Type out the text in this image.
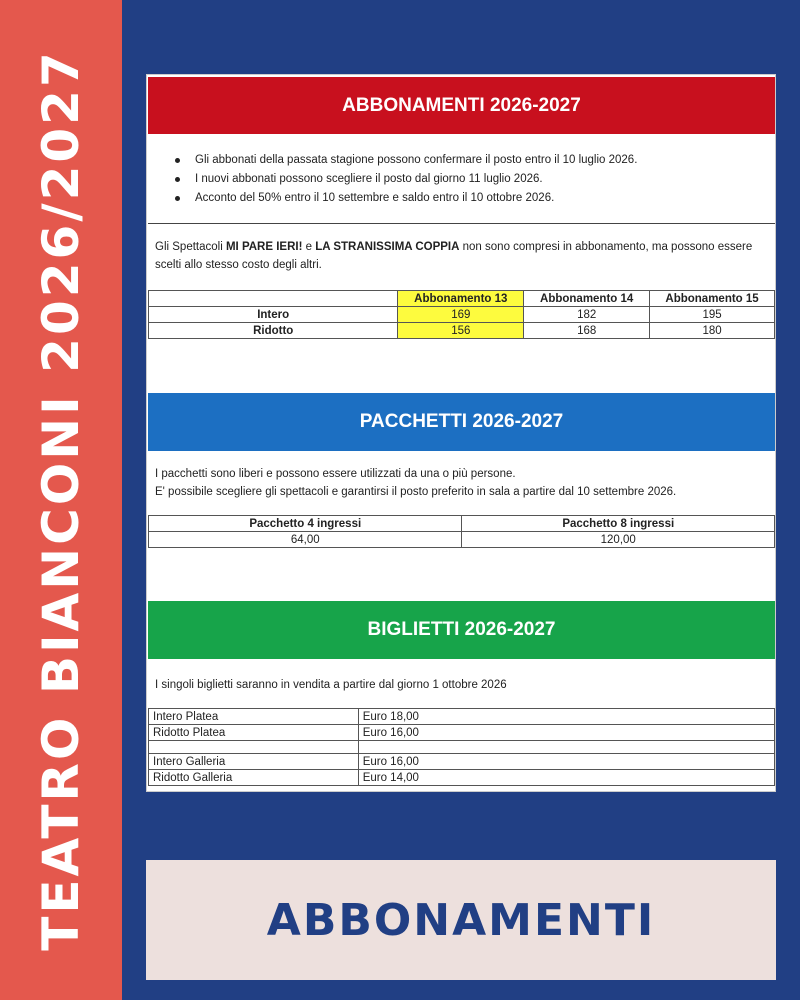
TEATRO BIANCONI 2026/2027	ABBONAMENTI 2026-2027
Gli abbonati della passata stagione possono confermare il posto entro il 10 luglio 2026.
I nuovi abbonati possono scegliere il posto dal giorno 11 luglio 2026.
Acconto del 50% entro il 10 settembre e saldo entro il 10 ottobre 2026.

Gli Spettacoli MI PARE IERI! e LA STRANISSIMA COPPIA non sono compresi in abbonamento, ma possono essere scelti allo stesso costo degli altri.

	Abbonamento 13	Abbonamento 14	Abbonamento 15
Intero	169	182	195
Ridotto	156	168	180
PACCHETTI 2026-2027

I pacchetti sono liberi e possono essere utilizzati da una o più persone.

E' possibile scegliere gli spettacoli e garantirsi il posto preferito in sala a partire dal 10 settembre 2026.

Pacchetto 4 ingressi	Pacchetto 8 ingressi
64,00	120,00
BIGLIETTI 2026-2027

I singoli biglietti saranno in vendita a partire dal giorno 1 ottobre 2026

Intero Platea	Euro 18,00
Ridotto Platea	Euro 16,00

Intero Galleria	Euro 16,00
Ridotto Galleria	Euro 14,00
ABBONAMENTI
